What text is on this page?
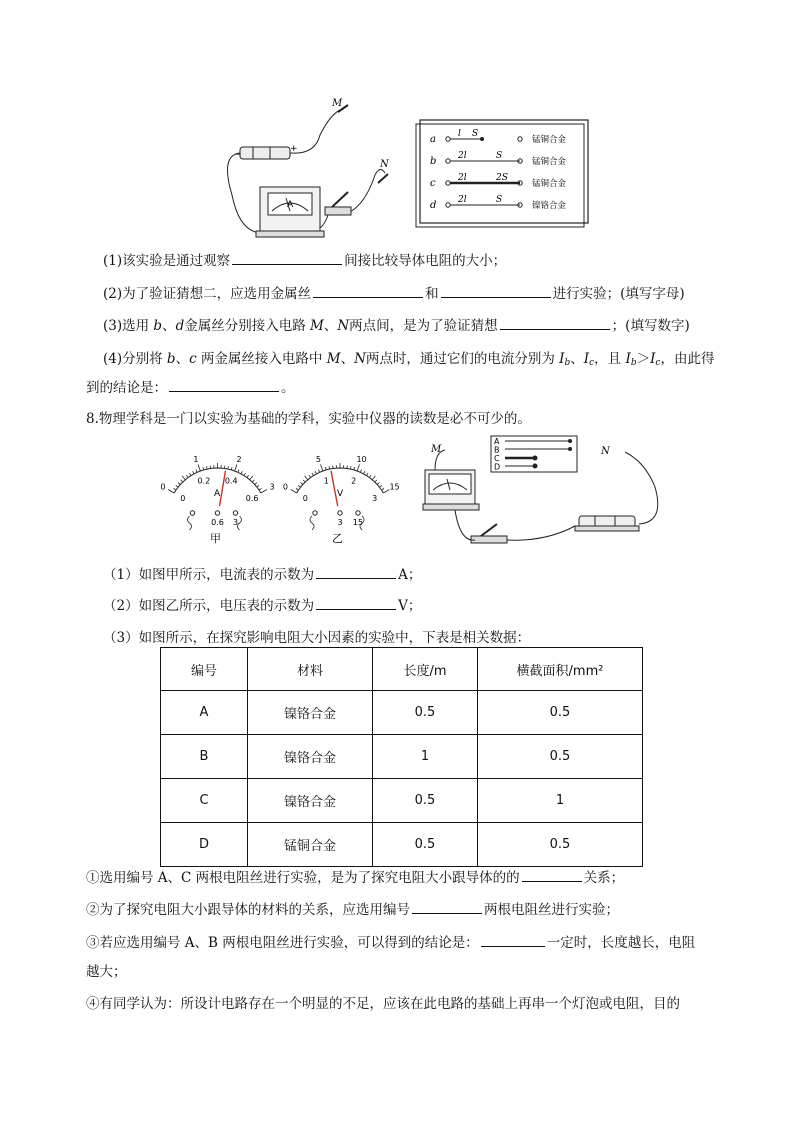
M
N
A
−
+
a l S
锰铜合金
b 2l	S
锰铜合金
c 2l	2S
锰铜合金
d 2l	S
镍铬合金
(1)该实验是通过观察	间接比较导体电阻的大小；
(2)为了验证猜想二，应选用金属丝	和	进行实验；(填写字母)
(3)选用 b、d金属丝分别接入电路 M、N两点间，是为了验证猜想	；(填写数字)
(4)分别将 b、c 两金属丝接入电路中 M、N两点时，通过它们的电流分别为 $I_b$、$I_c$，且 $I_b>I_c$，由此得
到的结论是：	。
8.物理学科是一门以实验为基础的学科，实验中仪器的读数是必不可少的。
0
1	2
3
0
0.2 0.4
0.6
A
0.6 3
甲
0
5	10
15
0
1	2
3
V
3 15
乙
M	N
A
B
C
D
（1）如图甲所示，电流表的示数为	A；
（2）如图乙所示，电压表的示数为	V；
（3）如图所示，在探究影响电阻大小因素的实验中，下表是相关数据：
编号	材料	长度/m	横截面积/mm²
A	镍铬合金	0.5	0.5
B	镍铬合金	1	0.5
C	镍铬合金	0.5	1
D	锰铜合金	0.5	0.5
①选用编号 A、C 两根电阻丝进行实验，是为了探究电阻大小跟导体的的	关系；
②为了探究电阻大小跟导体的材料的关系，应选用编号	两根电阻丝进行实验；
③若应选用编号 A、B 两根电阻丝进行实验，可以得到的结论是：	一定时，长度越长，电阻
越大；
④有同学认为：所设计电路存在一个明显的不足，应该在此电路的基础上再串一个灯泡或电阻，目的
